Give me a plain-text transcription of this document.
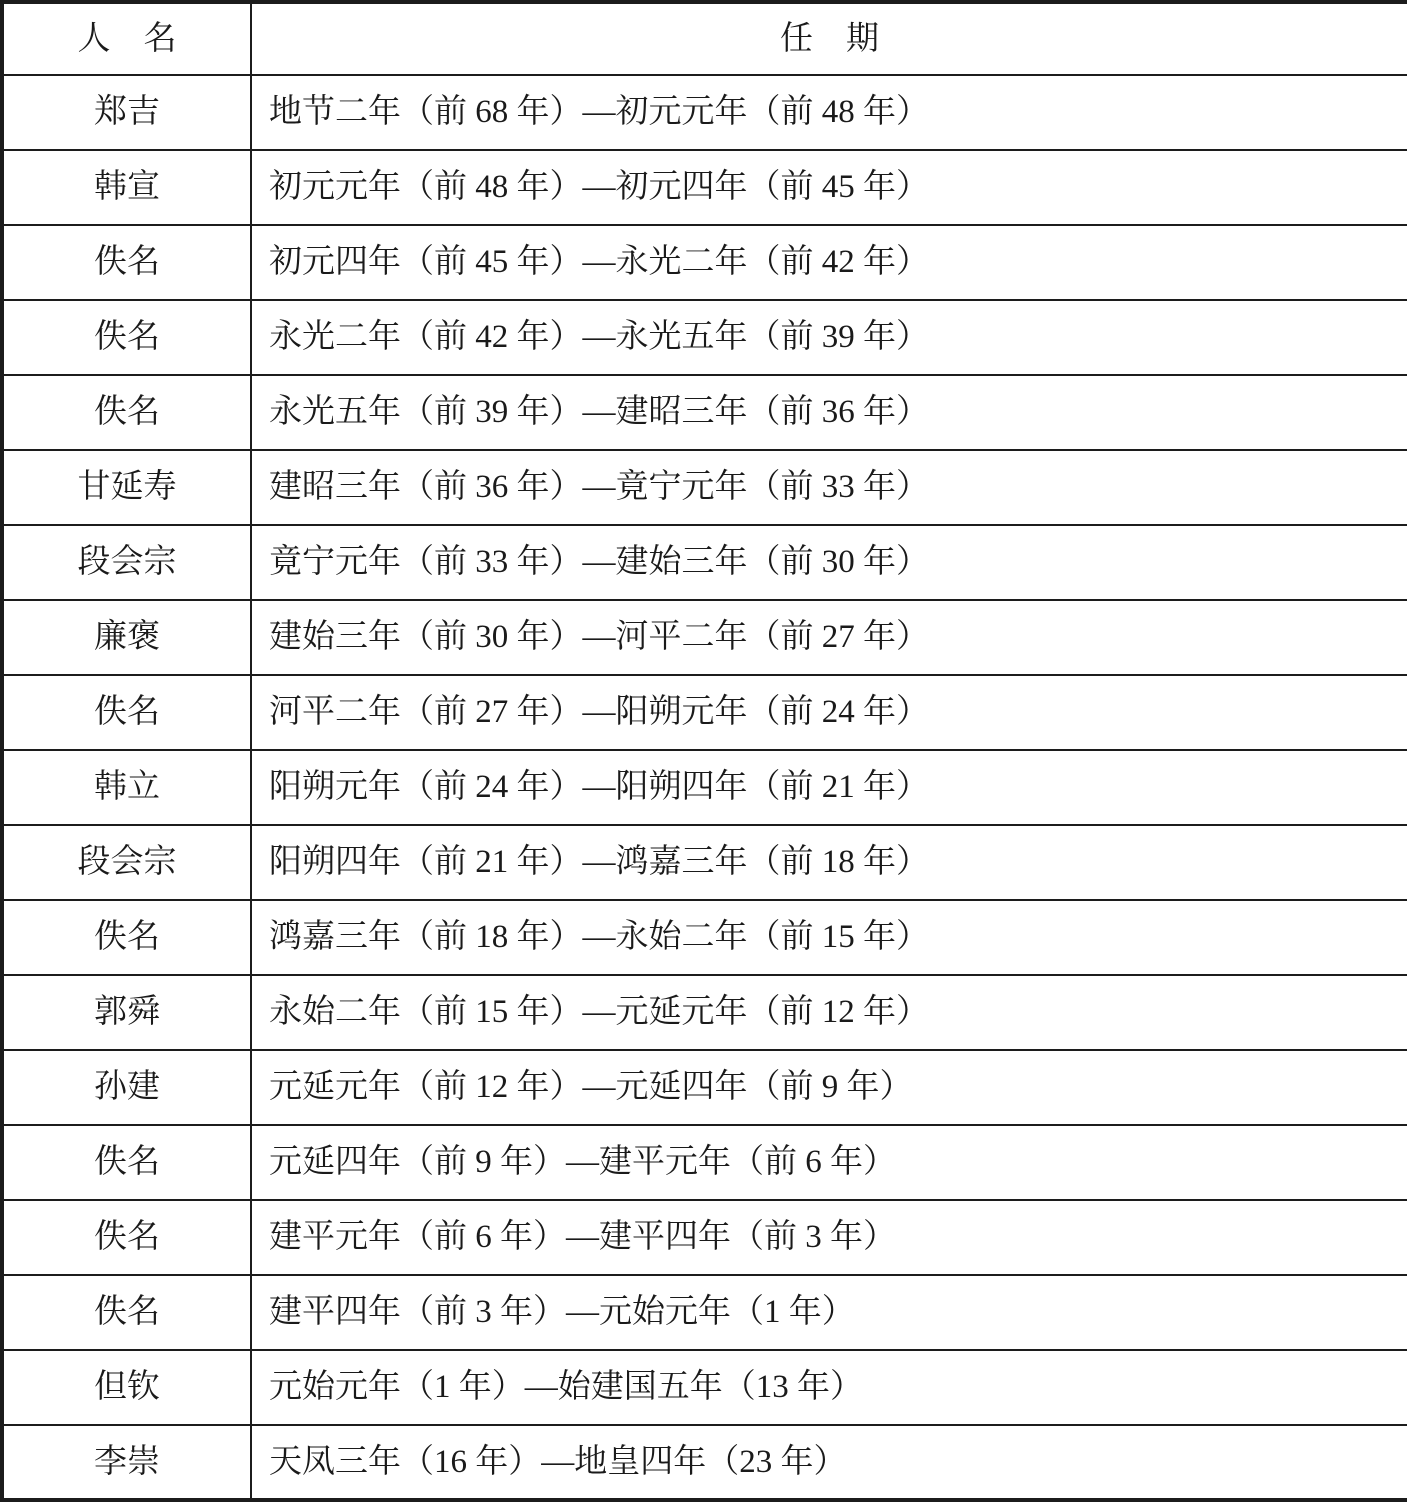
人　名	任　期
郑吉	地节二年（前 68 年）—初元元年（前 48 年）
韩宣	初元元年（前 48 年）—初元四年（前 45 年）
佚名	初元四年（前 45 年）—永光二年（前 42 年）
佚名	永光二年（前 42 年）—永光五年（前 39 年）
佚名	永光五年（前 39 年）—建昭三年（前 36 年）
甘延寿	建昭三年（前 36 年）—竟宁元年（前 33 年）
段会宗	竟宁元年（前 33 年）—建始三年（前 30 年）
廉褒	建始三年（前 30 年）—河平二年（前 27 年）
佚名	河平二年（前 27 年）—阳朔元年（前 24 年）
韩立	阳朔元年（前 24 年）—阳朔四年（前 21 年）
段会宗	阳朔四年（前 21 年）—鸿嘉三年（前 18 年）
佚名	鸿嘉三年（前 18 年）—永始二年（前 15 年）
郭舜	永始二年（前 15 年）—元延元年（前 12 年）
孙建	元延元年（前 12 年）—元延四年（前 9 年）
佚名	元延四年（前 9 年）—建平元年（前 6 年）
佚名	建平元年（前 6 年）—建平四年（前 3 年）
佚名	建平四年（前 3 年）—元始元年（1 年）
但钦	元始元年（1 年）—始建国五年（13 年）
李崇	天凤三年（16 年）—地皇四年（23 年）
